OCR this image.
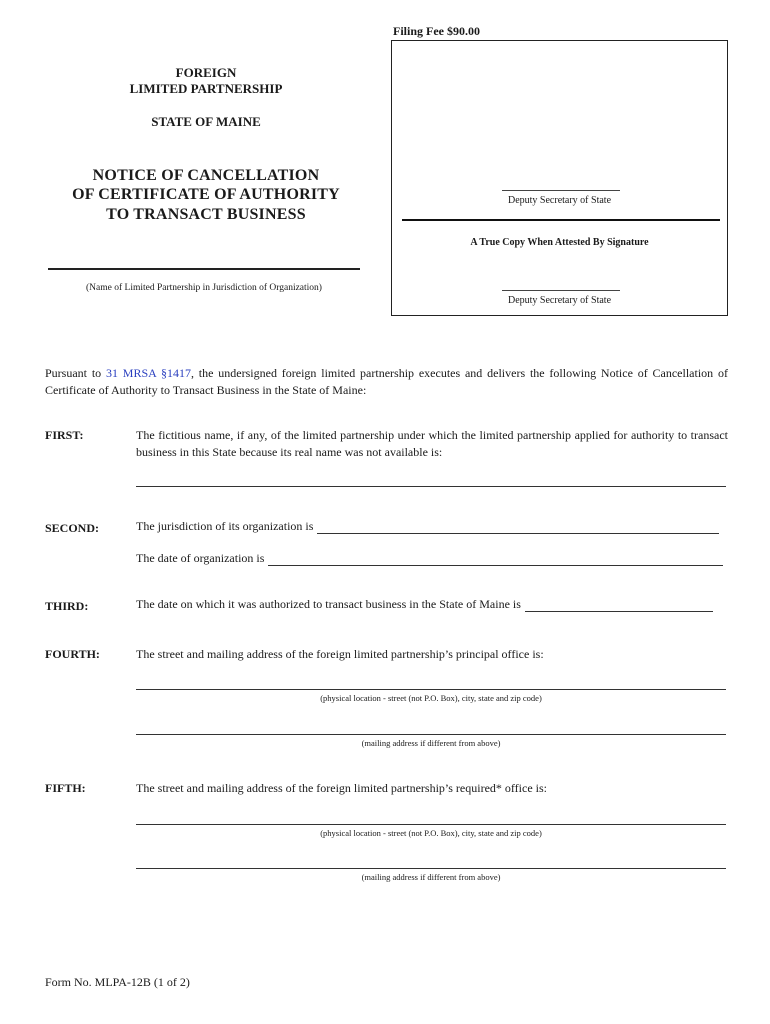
Filing Fee $90.00
Deputy Secretary of State
A True Copy When Attested By Signature
Deputy Secretary of State
FOREIGN
LIMITED PARTNERSHIP
STATE OF MAINE
NOTICE OF CANCELLATION
OF CERTIFICATE OF AUTHORITY
TO TRANSACT BUSINESS
(Name of Limited Partnership in Jurisdiction of Organization)
Pursuant to 31 MRSA §1417, the undersigned foreign limited partnership executes and delivers the following Notice of Cancellation of Certificate of Authority to Transact Business in the State of Maine:
FIRST:	The fictitious name, if any, of the limited partnership under which the limited partnership applied for authority to transact business in this State because its real name was not available is:
SECOND:	The jurisdiction of its organization is
The date of organization is
THIRD:	The date on which it was authorized to transact business in the State of Maine is
FOURTH:	The street and mailing address of the foreign limited partnership’s principal office is:
(physical location - street (not P.O. Box), city, state and zip code)
(mailing address if different from above)
FIFTH:	The street and mailing address of the foreign limited partnership’s required* office is:
(physical location - street (not P.O. Box), city, state and zip code)
(mailing address if different from above)
Form No. MLPA-12B (1 of 2)
